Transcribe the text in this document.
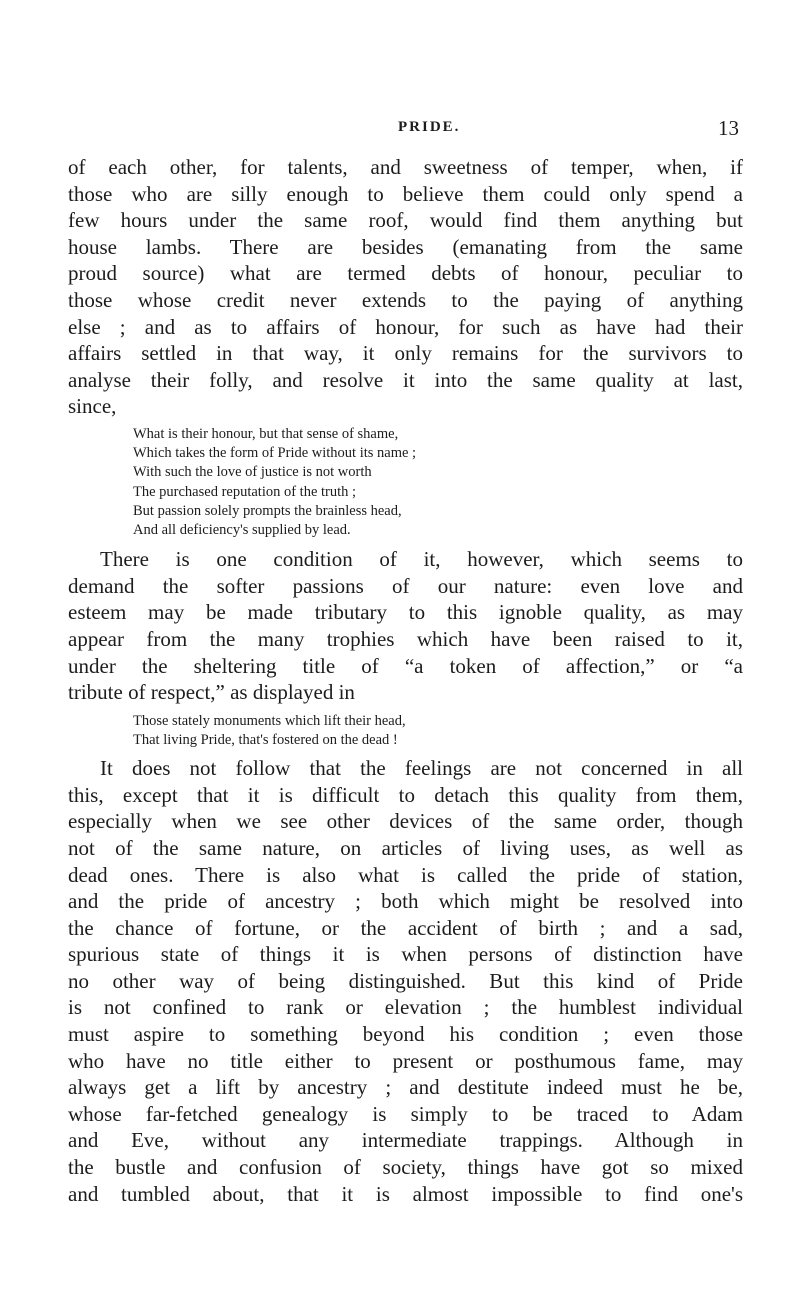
PRIDE.	13

of each other, for talents, and sweetness of temper, when, if
those who are silly enough to believe them could only spend a
few hours under the same roof, would find them anything but
house lambs. There are besides (emanating from the same
proud source) what are termed debts of honour, peculiar to
those whose credit never extends to the paying of anything
else ; and as to affairs of honour, for such as have had their
affairs settled in that way, it only remains for the survivors to
analyse their folly, and resolve it into the same quality at last,
since,

What is their honour, but that sense of shame,
Which takes the form of Pride without its name ;
With such the love of justice is not worth
The purchased reputation of the truth ;
But passion solely prompts the brainless head,
And all deficiency's supplied by lead.

There is one condition of it, however, which seems to
demand the softer passions of our nature: even love and
esteem may be made tributary to this ignoble quality, as may
appear from the many trophies which have been raised to it,
under the sheltering title of “a token of affection,” or “a
tribute of respect,” as displayed in

Those stately monuments which lift their head,
That living Pride, that's fostered on the dead !

It does not follow that the feelings are not concerned in all
this, except that it is difficult to detach this quality from them,
especially when we see other devices of the same order, though
not of the same nature, on articles of living uses, as well as
dead ones. There is also what is called the pride of station,
and the pride of ancestry ; both which might be resolved into
the chance of fortune, or the accident of birth ; and a sad,
spurious state of things it is when persons of distinction have
no other way of being distinguished. But this kind of Pride
is not confined to rank or elevation ; the humblest individual
must aspire to something beyond his condition ; even those
who have no title either to present or posthumous fame, may
always get a lift by ancestry ; and destitute indeed must he be,
whose far-fetched genealogy is simply to be traced to Adam
and Eve, without any intermediate trappings. Although in
the bustle and confusion of society, things have got so mixed
and tumbled about, that it is almost impossible to find one's
